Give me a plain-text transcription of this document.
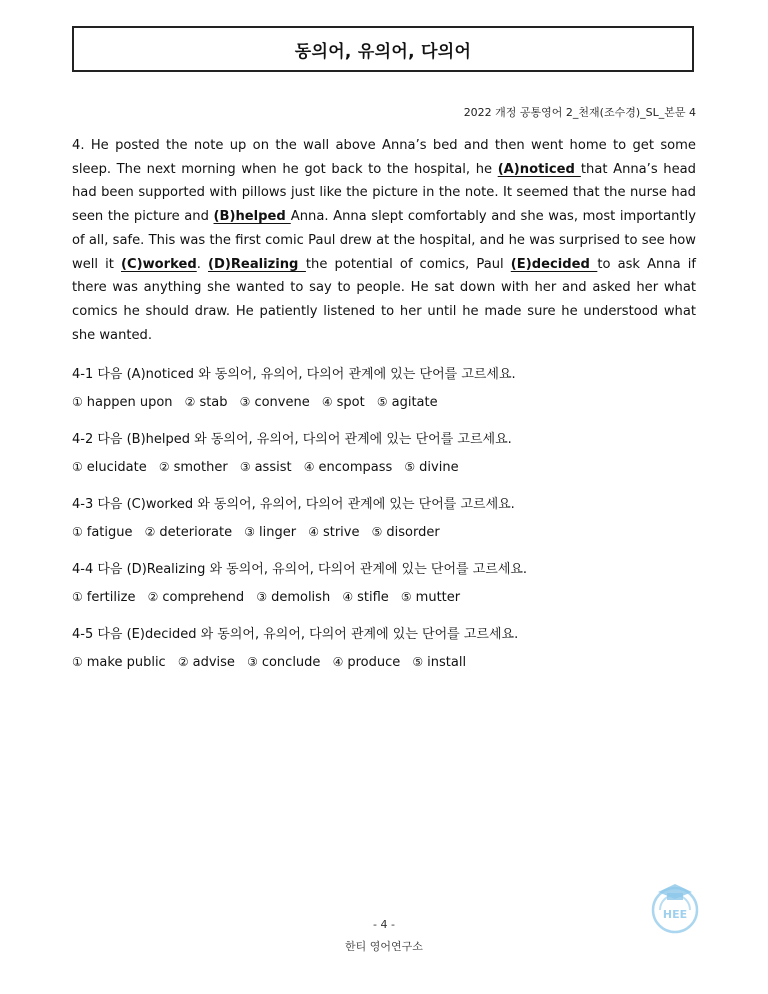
동의어, 유의어, 다의어
2022 개정 공통영어 2_천재(조수경)_SL_본문 4
4. He posted the note up on the wall above Anna’s bed and then went home to get some sleep. The next morning when he got back to the hospital, he (A)noticed that Anna’s head had been supported with pillows just like the picture in the note. It seemed that the nurse had seen the picture and (B)helped Anna. Anna slept comfortably and she was, most importantly of all, safe. This was the first comic Paul drew at the hospital, and he was surprised to see how well it (C)worked. (D)Realizing the potential of comics, Paul (E)decided to ask Anna if there was anything she wanted to say to people. He sat down with her and asked her what comics he should draw. He patiently listened to her until he made sure he understood what she wanted.
4-1 다음 (A)noticed 와 동의어, 유의어, 다의어 관계에 있는 단어를 고르세요.
① happen upon ② stab ③ convene ④ spot ⑤ agitate
4-2 다음 (B)helped 와 동의어, 유의어, 다의어 관계에 있는 단어를 고르세요.
① elucidate ② smother ③ assist ④ encompass ⑤ divine
4-3 다음 (C)worked 와 동의어, 유의어, 다의어 관계에 있는 단어를 고르세요.
① fatigue ② deteriorate ③ linger ④ strive ⑤ disorder
4-4 다음 (D)Realizing 와 동의어, 유의어, 다의어 관계에 있는 단어를 고르세요.
① fertilize ② comprehend ③ demolish ④ stifle ⑤ mutter
4-5 다음 (E)decided 와 동의어, 유의어, 다의어 관계에 있는 단어를 고르세요.
① make public ② advise ③ conclude ④ produce ⑤ install
- 4 -
한티 영어연구소
HEE
